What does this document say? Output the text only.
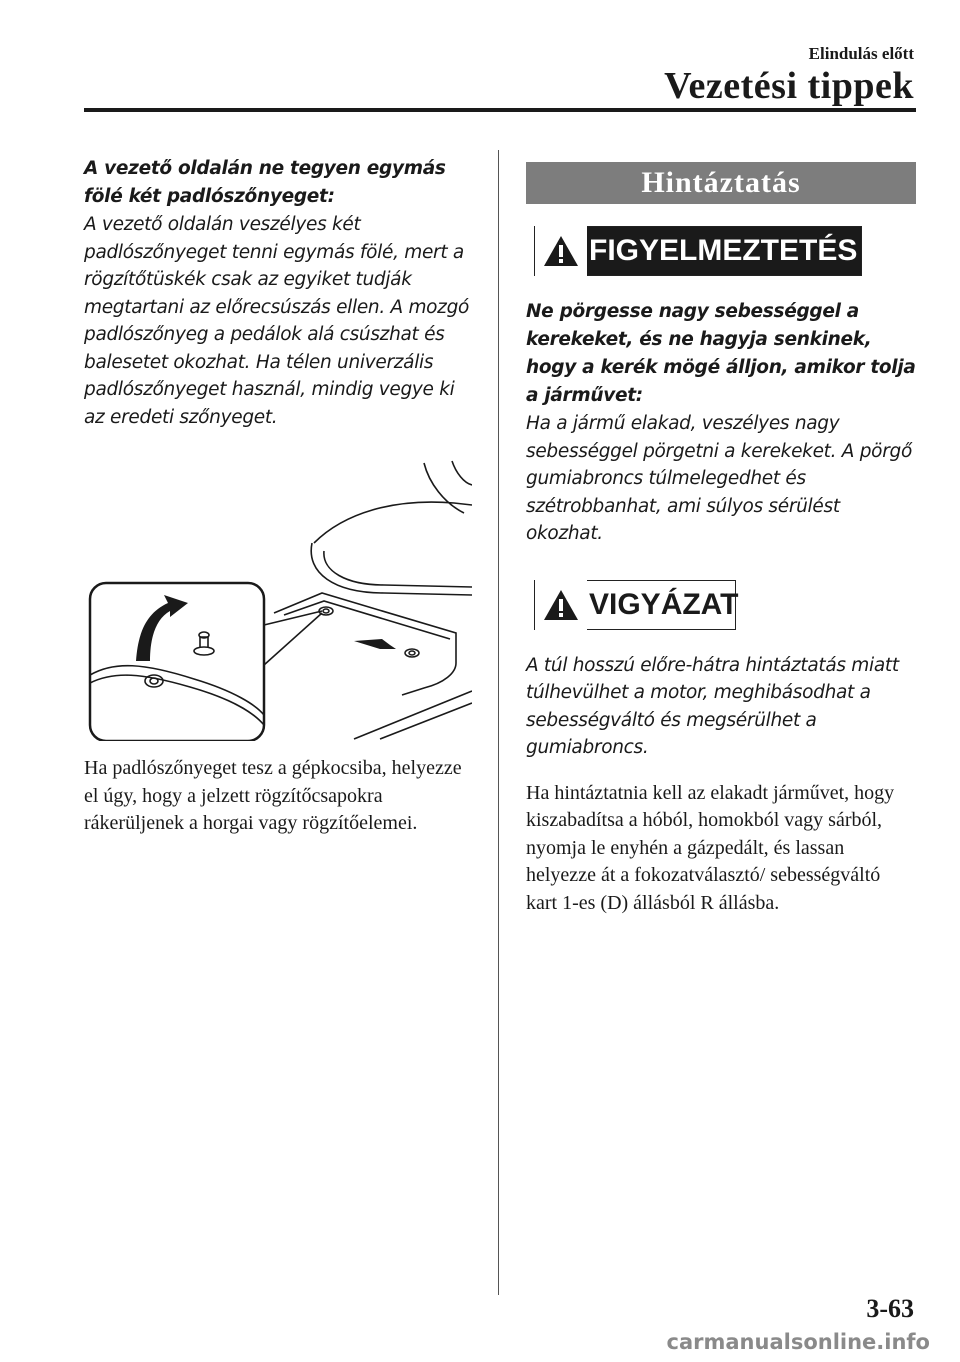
Elindulás előtt
Vezetési tippek

A vezető oldalán ne tegyen egymás fölé két padlószőnyeget:

A vezető oldalán veszélyes két padlószőnyeget tenni egymás fölé, mert a rögzítőtüskék csak az egyiket tudják megtartani az előrecsúszás ellen. A mozgó padlószőnyeg a pedálok alá csúszhat és balesetet okozhat. Ha télen univerzális padlószőnyeget használ, mindig vegye ki az eredeti szőnyeget.

Ha padlószőnyeget tesz a gépkocsiba, helyezze el úgy, hogy a jelzett rögzítőcsapokra rákerüljenek a horgai vagy rögzítőelemei.

Hintáztatás
FIGYELMEZTETÉS

Ne pörgesse nagy sebességgel a kerekeket, és ne hagyja senkinek, hogy a kerék mögé álljon, amikor tolja a járművet:

Ha a jármű elakad, veszélyes nagy sebességgel pörgetni a kerekeket. A pörgő gumiabroncs túlmelegedhet és szétrobbanhat, ami súlyos sérülést okozhat.

VIGYÁZAT

A túl hosszú előre-hátra hintáztatás miatt túlhevülhet a motor, meghibásodhat a sebességváltó és megsérülhet a gumiabroncs.

Ha hintáztatnia kell az elakadt járművet, hogy kiszabadítsa a hóból, homokból vagy sárból, nyomja le enyhén a gázpedált, és lassan helyezze át a fokozatválasztó/ sebességváltó kart 1-es (D) állásból R állásba.

3-63
carmanualsonline.info
